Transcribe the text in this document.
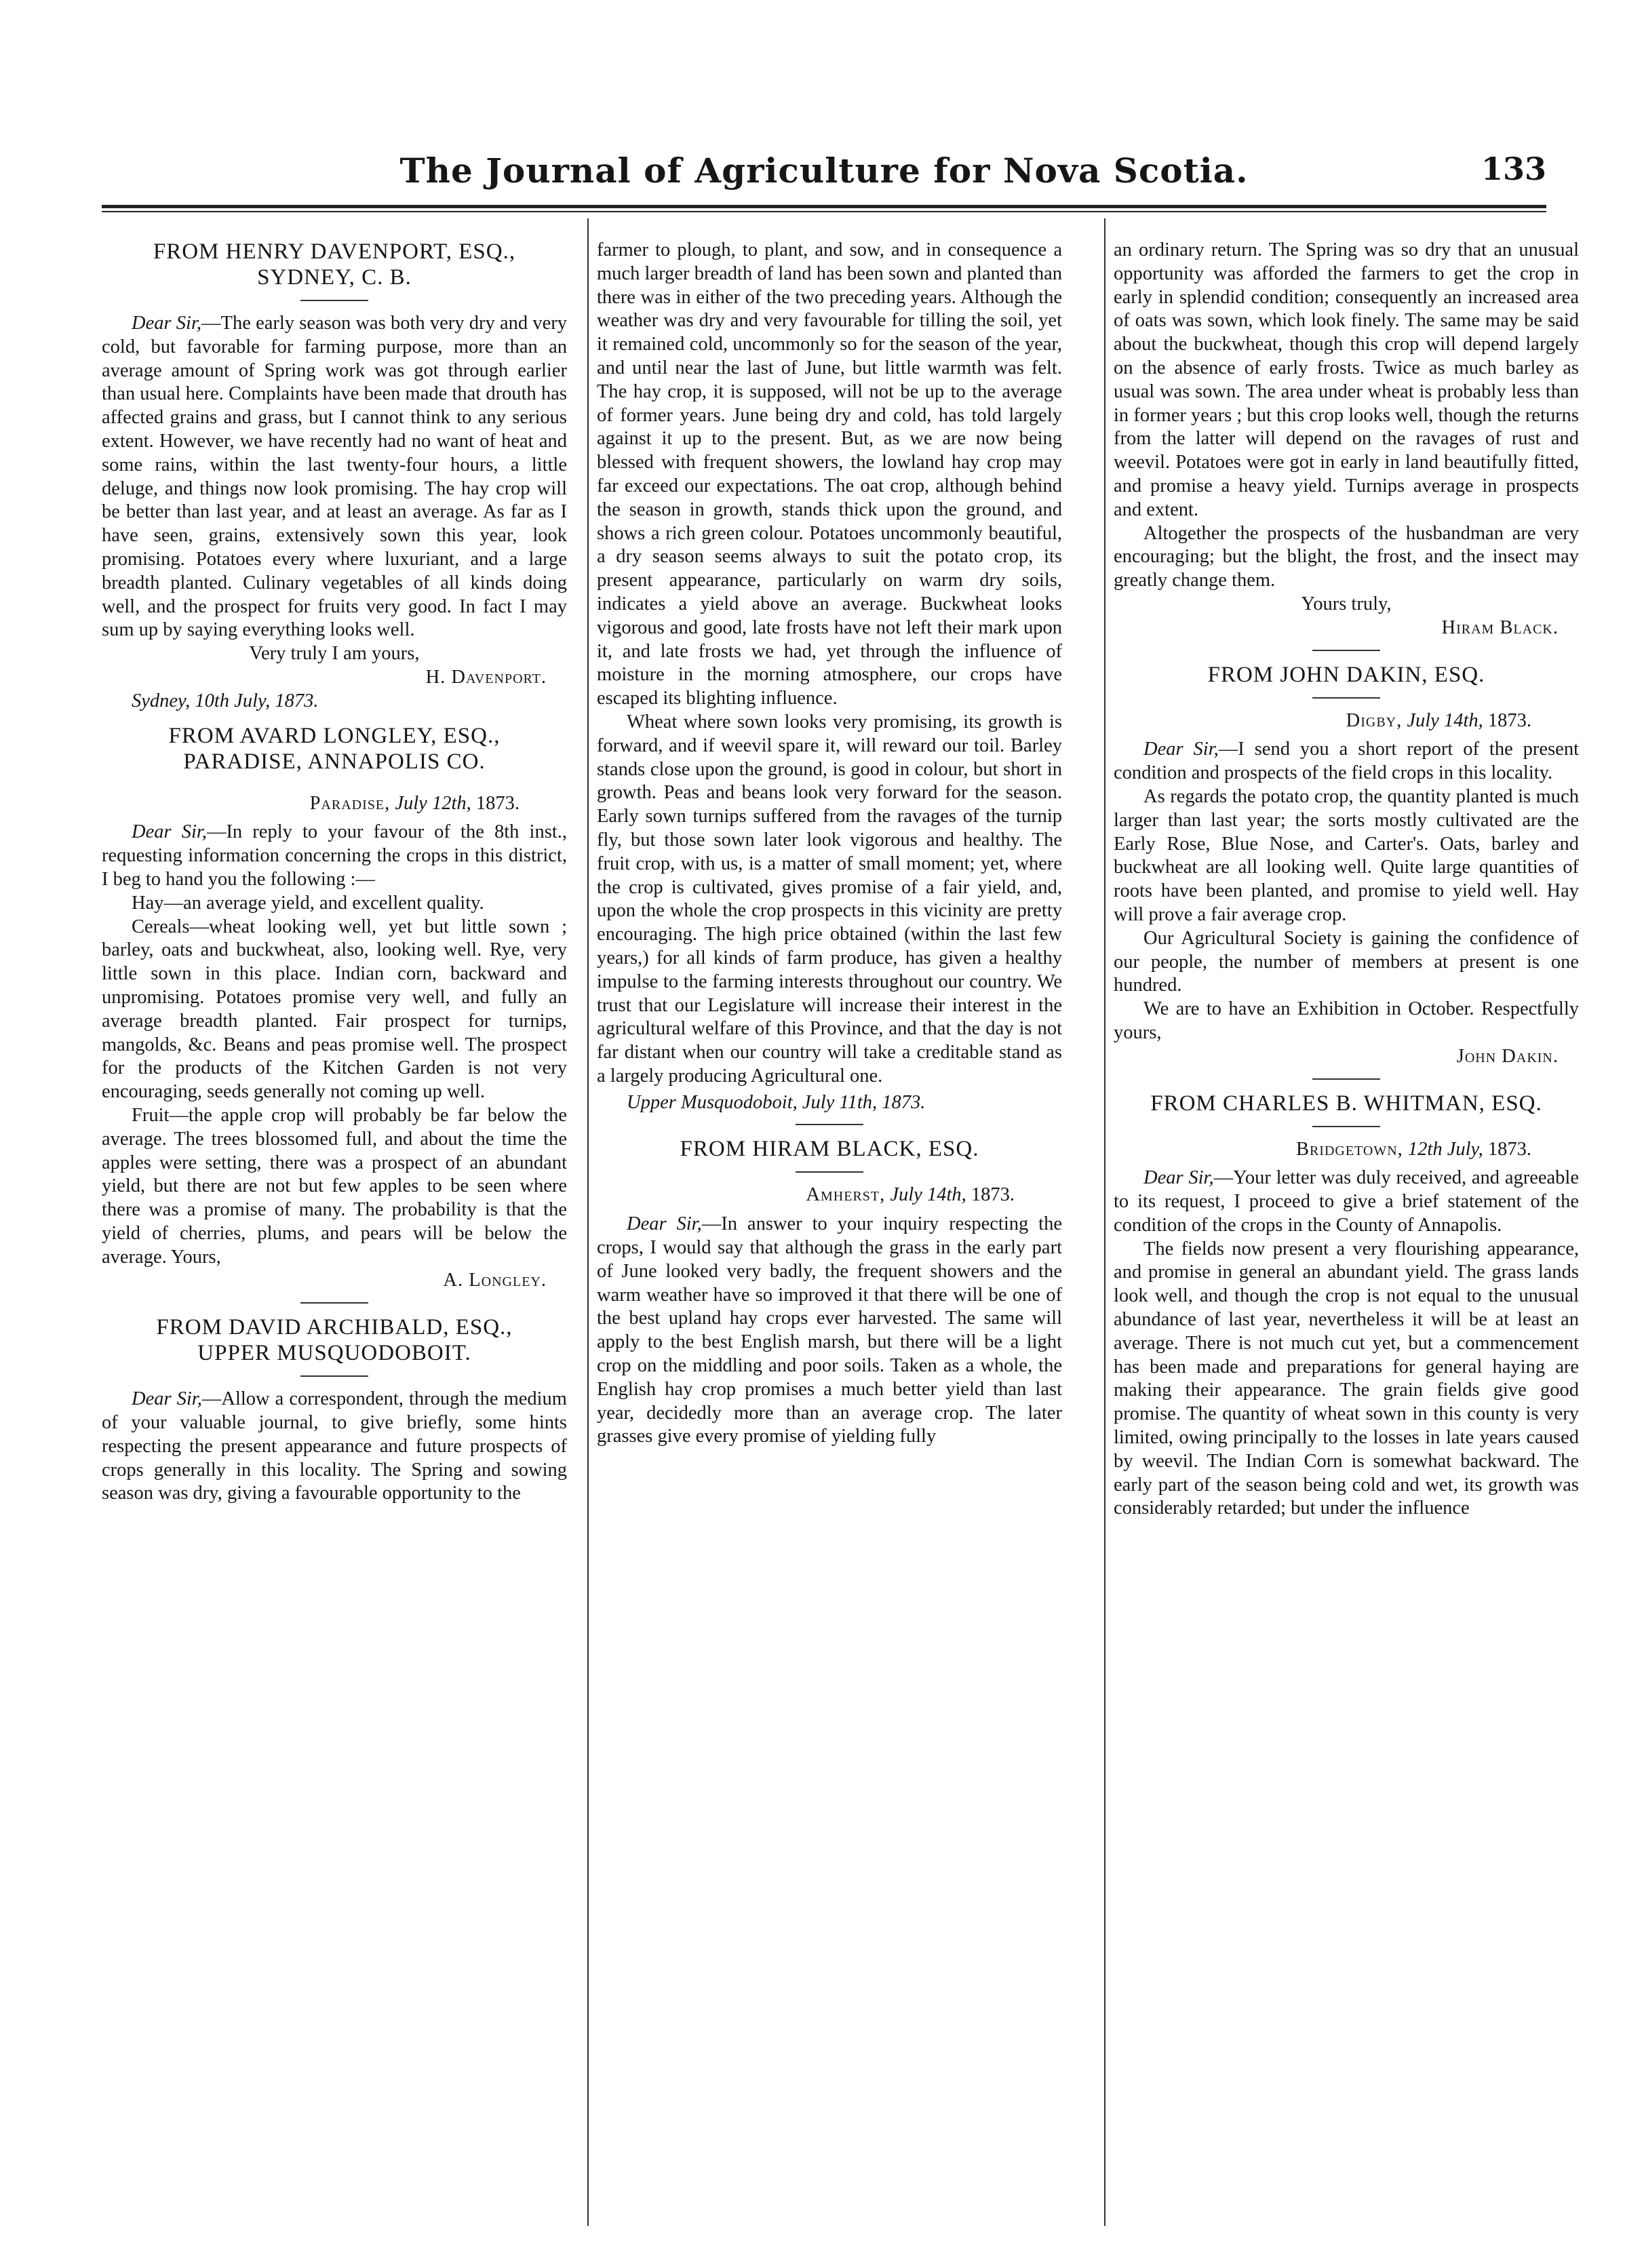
The Journal of Agriculture for Nova Scotia.	133
FROM HENRY DAVENPORT, ESQ.,
SYDNEY, C. B.

Dear Sir,—The early season was both very dry and very cold, but favorable for farming purpose, more than an average amount of Spring work was got through earlier than usual here. Complaints have been made that drouth has affected grains and grass, but I cannot think to any serious extent. However, we have recently had no want of heat and some rains, within the last twenty-four hours, a little deluge, and things now look promising. The hay crop will be better than last year, and at least an average. As far as I have seen, grains, extensively sown this year, look promising. Potatoes every where luxuriant, and a large breadth planted. Culinary vegetables of all kinds doing well, and the prospect for fruits very good. In fact I may sum up by saying everything looks well.

Very truly I am yours,
H. Davenport.
Sydney, 10th July, 1873.
FROM AVARD LONGLEY, ESQ.,
PARADISE, ANNAPOLIS CO.
Paradise, July 12th, 1873.

Dear Sir,—In reply to your favour of the 8th inst., requesting information concerning the crops in this district, I beg to hand you the following :—

Hay—an average yield, and excellent quality.

Cereals—wheat looking well, yet but little sown ; barley, oats and buckwheat, also, looking well. Rye, very little sown in this place. Indian corn, backward and unpromising. Potatoes promise very well, and fully an average breadth planted. Fair prospect for turnips, mangolds, &c. Beans and peas promise well. The prospect for the products of the Kitchen Garden is not very encouraging, seeds generally not coming up well.

Fruit—the apple crop will probably be far below the average. The trees blossomed full, and about the time the apples were setting, there was a prospect of an abundant yield, but there are not but few apples to be seen where there was a promise of many. The probability is that the yield of cherries, plums, and pears will be below the average. Yours,

A. Longley.
FROM DAVID ARCHIBALD, ESQ.,
UPPER MUSQUODOBOIT.

Dear Sir,—Allow a correspondent, through the medium of your valuable journal, to give briefly, some hints respecting the present appearance and future prospects of crops generally in this locality. The Spring and sowing season was dry, giving a favourable opportunity to the

farmer to plough, to plant, and sow, and in consequence a much larger breadth of land has been sown and planted than there was in either of the two preceding years. Although the weather was dry and very favourable for tilling the soil, yet it remained cold, uncommonly so for the season of the year, and until near the last of June, but little warmth was felt. The hay crop, it is supposed, will not be up to the average of former years. June being dry and cold, has told largely against it up to the present. But, as we are now being blessed with frequent showers, the lowland hay crop may far exceed our expectations. The oat crop, although behind the season in growth, stands thick upon the ground, and shows a rich green colour. Potatoes uncommonly beautiful, a dry season seems always to suit the potato crop, its present appearance, particularly on warm dry soils, indicates a yield above an average. Buckwheat looks vigorous and good, late frosts have not left their mark upon it, and late frosts we had, yet through the influence of moisture in the morning atmosphere, our crops have escaped its blighting influence.

Wheat where sown looks very promising, its growth is forward, and if weevil spare it, will reward our toil. Barley stands close upon the ground, is good in colour, but short in growth. Peas and beans look very forward for the season. Early sown turnips suffered from the ravages of the turnip fly, but those sown later look vigorous and healthy. The fruit crop, with us, is a matter of small moment; yet, where the crop is cultivated, gives promise of a fair yield, and, upon the whole the crop prospects in this vicinity are pretty encouraging. The high price obtained (within the last few years,) for all kinds of farm produce, has given a healthy impulse to the farming interests throughout our country. We trust that our Legislature will increase their interest in the agricultural welfare of this Province, and that the day is not far distant when our country will take a creditable stand as a largely producing Agricultural one.

Upper Musquodoboit, July 11th, 1873.
FROM HIRAM BLACK, ESQ.
Amherst, July 14th, 1873.

Dear Sir,—In answer to your inquiry respecting the crops, I would say that although the grass in the early part of June looked very badly, the frequent showers and the warm weather have so improved it that there will be one of the best upland hay crops ever harvested. The same will apply to the best English marsh, but there will be a light crop on the middling and poor soils. Taken as a whole, the English hay crop promises a much better yield than last year, decidedly more than an average crop. The later grasses give every promise of yielding fully

an ordinary return. The Spring was so dry that an unusual opportunity was afforded the farmers to get the crop in early in splendid condition; consequently an increased area of oats was sown, which look finely. The same may be said about the buckwheat, though this crop will depend largely on the absence of early frosts. Twice as much barley as usual was sown. The area under wheat is probably less than in former years ; but this crop looks well, though the returns from the latter will depend on the ravages of rust and weevil. Potatoes were got in early in land beautifully fitted, and promise a heavy yield. Turnips average in prospects and extent.

Altogether the prospects of the husbandman are very encouraging; but the blight, the frost, and the insect may greatly change them.

Yours truly,
Hiram Black.
FROM JOHN DAKIN, ESQ.
Digby, July 14th, 1873.

Dear Sir,—I send you a short report of the present condition and prospects of the field crops in this locality.

As regards the potato crop, the quantity planted is much larger than last year; the sorts mostly cultivated are the Early Rose, Blue Nose, and Carter's. Oats, barley and buckwheat are all looking well. Quite large quantities of roots have been planted, and promise to yield well. Hay will prove a fair average crop.

Our Agricultural Society is gaining the confidence of our people, the number of members at present is one hundred.

We are to have an Exhibition in October. Respectfully yours,

John Dakin.
FROM CHARLES B. WHITMAN, ESQ.
Bridgetown, 12th July, 1873.

Dear Sir,—Your letter was duly received, and agreeable to its request, I proceed to give a brief statement of the condition of the crops in the County of Annapolis.

The fields now present a very flourishing appearance, and promise in general an abundant yield. The grass lands look well, and though the crop is not equal to the unusual abundance of last year, nevertheless it will be at least an average. There is not much cut yet, but a commencement has been made and preparations for general haying are making their appearance. The grain fields give good promise. The quantity of wheat sown in this county is very limited, owing principally to the losses in late years caused by weevil. The Indian Corn is somewhat backward. The early part of the season being cold and wet, its growth was considerably retarded; but under the influence
